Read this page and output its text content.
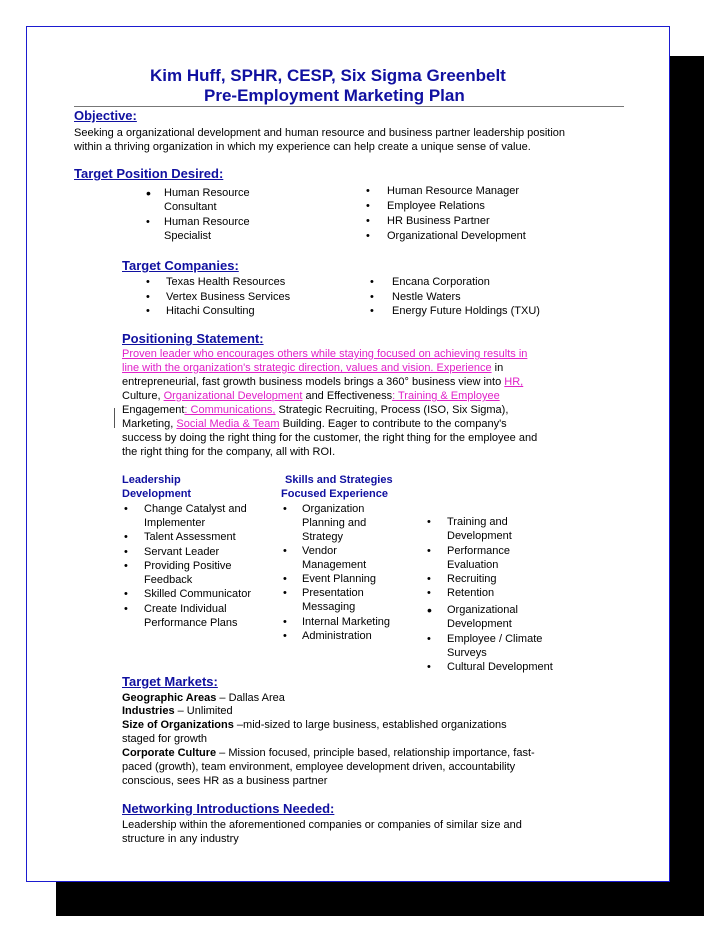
Kim Huff, SPHR, CESP, Six Sigma Greenbelt
Pre-Employment Marketing Plan
Objective:
Seeking a organizational development and human resource and business partner leadership position
within a thriving organization in which my experience can help create a unique sense of value.
Target Position Desired:
• Human Resource
Consultant
• Human Resource
Specialist
• Human Resource Manager
• Employee Relations
• HR Business Partner
• Organizational Development
Target Companies:
• Texas Health Resources
• Vertex Business Services
• Hitachi Consulting
• Encana Corporation
• Nestle Waters
• Energy Future Holdings (TXU)
Positioning Statement:
Proven leader who encourages others while staying focused on achieving results in
line with the organization's strategic direction, values and vision. Experience in
entrepreneurial, fast growth business models brings a 360° business view into HR,
Culture, Organizational Development and Effectiveness: Training & Employee
Engagement: Communications, Strategic Recruiting, Process (ISO, Six Sigma),
Marketing, Social Media & Team Building. Eager to contribute to the company's
success by doing the right thing for the customer, the right thing for the employee and
the right thing for the company, all with ROI.
Leadership
Development
• Change Catalyst and
Implementer
• Talent Assessment
• Servant Leader
• Providing Positive
Feedback
• Skilled Communicator
• Create Individual
Performance Plans
Skills and Strategies
Focused Experience
• Organization
Planning and
Strategy
• Vendor
Management
• Event Planning
• Presentation
Messaging
• Internal Marketing
• Administration
• Training and
Development
• Performance
Evaluation
• Recruiting
• Retention
• Organizational
Development
• Employee / Climate
Surveys
• Cultural Development
Target Markets:
Geographic Areas – Dallas Area
Industries – Unlimited
Size of Organizations –mid-sized to large business, established organizations
staged for growth
Corporate Culture – Mission focused, principle based, relationship importance, fast-
paced (growth), team environment, employee development driven, accountability
conscious, sees HR as a business partner
Networking Introductions Needed:
Leadership within the aforementioned companies or companies of similar size and
structure in any industry
